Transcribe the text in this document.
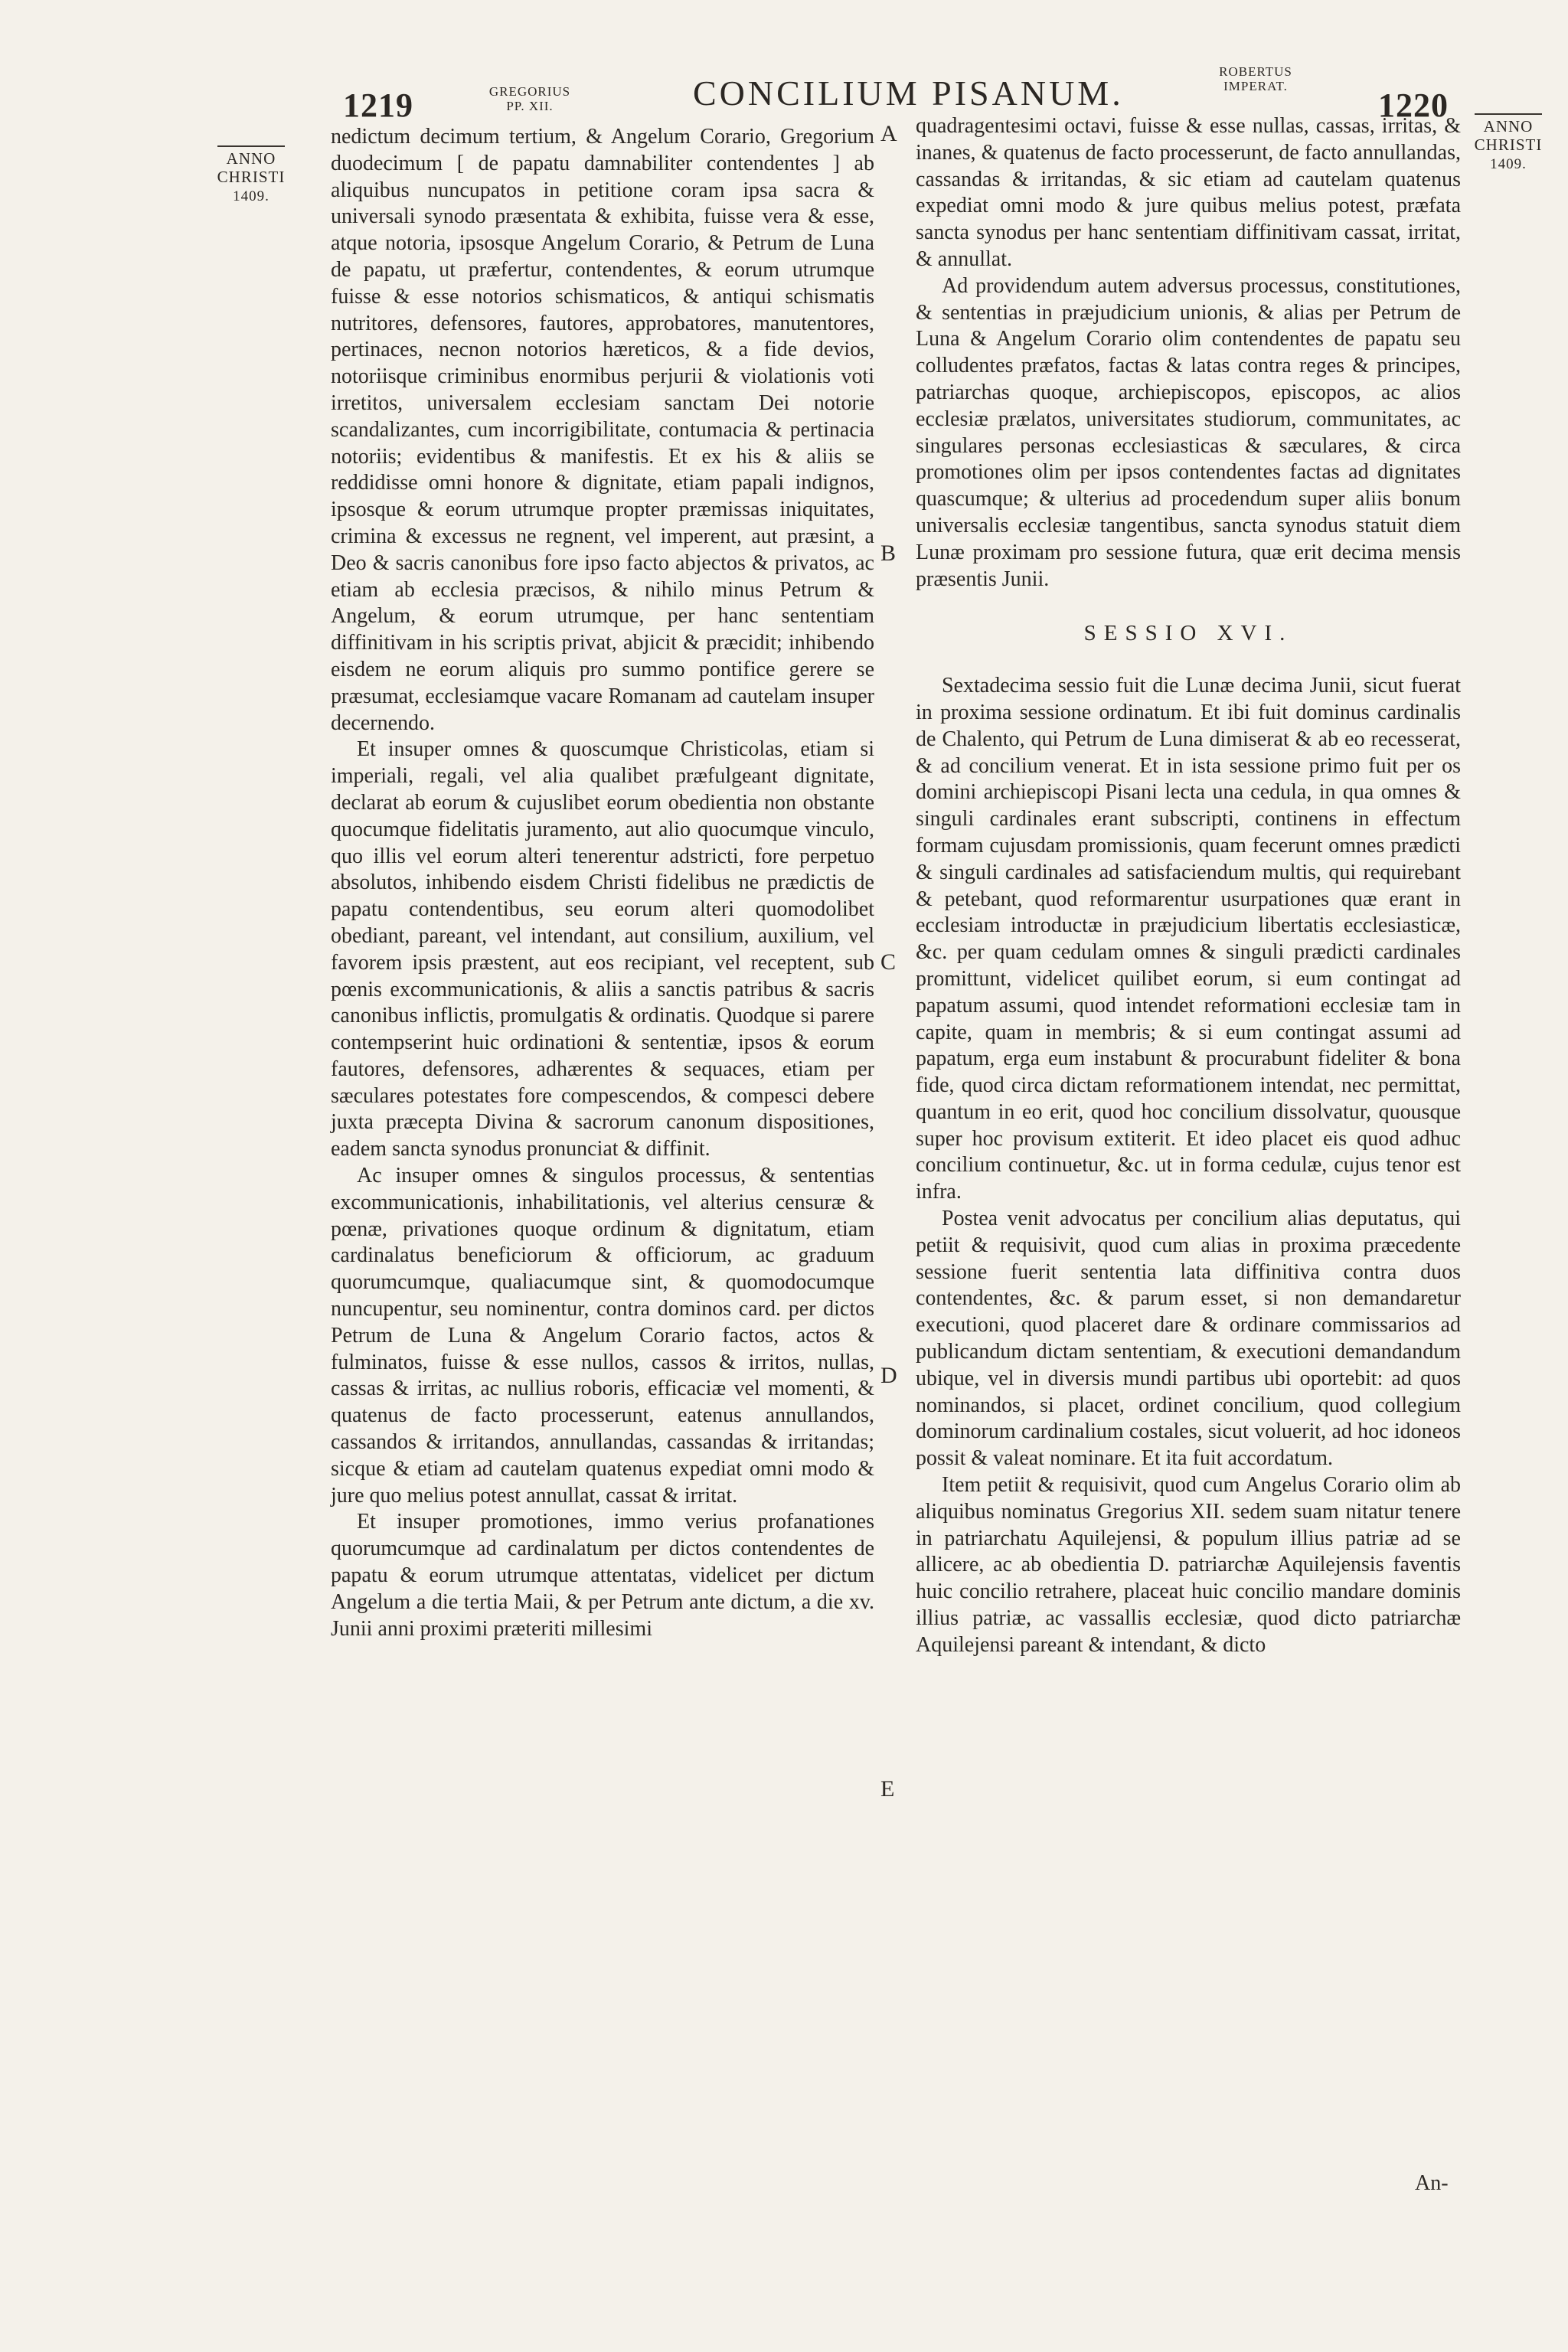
1219	GREGORIUS
PP. XII.	CONCILIUM PISANUM.
ROBERTUS
IMPERAT.
1220
ANNO
CHRISTI
1409.
ANNO
CHRISTI
1409.
A
B
C
D
E

nedictum decimum tertium, & Angelum Corario, Gregorium duodecimum [ de papatu damnabiliter contendentes ] ab aliquibus nuncupatos in petitione coram ipsa sacra & universali synodo præsentata & exhibita, fuisse vera & esse, atque notoria, ipsosque Angelum Corario, & Petrum de Luna de papatu, ut præfertur, contendentes, & eorum utrumque fuisse & esse notorios schismaticos, & antiqui schismatis nutritores, defensores, fautores, approbatores, manutentores, pertinaces, necnon notorios hæreticos, & a fide devios, notoriisque criminibus enormibus perjurii & violationis voti irretitos, universalem ecclesiam sanctam Dei notorie scandalizantes, cum incorrigibilitate, contumacia & pertinacia notoriis; evidentibus & manifestis. Et ex his & aliis se reddidisse omni honore & dignitate, etiam papali indignos, ipsosque & eorum utrumque propter præmissas iniquitates, crimina & excessus ne regnent, vel imperent, aut præsint, a Deo & sacris canonibus fore ipso facto abjectos & privatos, ac etiam ab ecclesia præcisos, & nihilo minus Petrum & Angelum, & eorum utrumque, per hanc sententiam diffinitivam in his scriptis privat, abjicit & præcidit; inhibendo eisdem ne eorum aliquis pro summo pontifice gerere se præsumat, ecclesiamque vacare Romanam ad cautelam insuper decernendo.

Et insuper omnes & quoscumque Christicolas, etiam si imperiali, regali, vel alia qualibet præfulgeant dignitate, declarat ab eorum & cujuslibet eorum obedientia non obstante quocumque fidelitatis juramento, aut alio quocumque vinculo, quo illis vel eorum alteri tenerentur adstricti, fore perpetuo absolutos, inhibendo eisdem Christi fidelibus ne prædictis de papatu contendentibus, seu eorum alteri quomodolibet obediant, pareant, vel intendant, aut consilium, auxilium, vel favorem ipsis præstent, aut eos recipiant, vel receptent, sub pœnis excommunicationis, & aliis a sanctis patribus & sacris canonibus inflictis, promulgatis & ordinatis. Quodque si parere contempserint huic ordinationi & sententiæ, ipsos & eorum fautores, defensores, adhærentes & sequaces, etiam per sæculares potestates fore compescendos, & compesci debere juxta præcepta Divina & sacrorum canonum dispositiones, eadem sancta synodus pronunciat & diffinit.

Ac insuper omnes & singulos processus, & sententias excommunicationis, inhabilitationis, vel alterius censuræ & pœnæ, privationes quoque ordinum & dignitatum, etiam cardinalatus beneficiorum & officiorum, ac graduum quorumcumque, qualiacumque sint, & quomodocumque nuncupentur, seu nominentur, contra dominos card. per dictos Petrum de Luna & Angelum Corario factos, actos & fulminatos, fuisse & esse nullos, cassos & irritos, nullas, cassas & irritas, ac nullius roboris, efficaciæ vel momenti, & quatenus de facto processerunt, eatenus annullandos, cassandos & irritandos, annullandas, cassandas & irritandas; sicque & etiam ad cautelam quatenus expediat omni modo & jure quo melius potest annullat, cassat & irritat.

Et insuper promotiones, immo verius profanationes quorumcumque ad cardinalatum per dictos contendentes de papatu & eorum utrumque attentatas, videlicet per dictum Angelum a die tertia Maii, & per Petrum ante dictum, a die xv. Junii anni proximi præteriti millesimi

quadragentesimi octavi, fuisse & esse nullas, cassas, irritas, & inanes, & quatenus de facto processerunt, de facto annullandas, cassandas & irritandas, & sic etiam ad cautelam quatenus expediat omni modo & jure quibus melius potest, præfata sancta synodus per hanc sententiam diffinitivam cassat, irritat, & annullat.

Ad providendum autem adversus processus, constitutiones, & sententias in præjudicium unionis, & alias per Petrum de Luna & Angelum Corario olim contendentes de papatu seu colludentes præfatos, factas & latas contra reges & principes, patriarchas quoque, archiepiscopos, episcopos, ac alios ecclesiæ prælatos, universitates studiorum, communitates, ac singulares personas ecclesiasticas & sæculares, & circa promotiones olim per ipsos contendentes factas ad dignitates quascumque; & ulterius ad procedendum super aliis bonum universalis ecclesiæ tangentibus, sancta synodus statuit diem Lunæ proximam pro sessione futura, quæ erit decima mensis præsentis Junii.

SESSIO XVI.

Sextadecima sessio fuit die Lunæ decima Junii, sicut fuerat in proxima sessione ordinatum. Et ibi fuit dominus cardinalis de Chalento, qui Petrum de Luna dimiserat & ab eo recesserat, & ad concilium venerat. Et in ista sessione primo fuit per os domini archiepiscopi Pisani lecta una cedula, in qua omnes & singuli cardinales erant subscripti, continens in effectum formam cujusdam promissionis, quam fecerunt omnes prædicti & singuli cardinales ad satisfaciendum multis, qui requirebant & petebant, quod reformarentur usurpationes quæ erant in ecclesiam introductæ in præjudicium libertatis ecclesiasticæ, &c. per quam cedulam omnes & singuli prædicti cardinales promittunt, videlicet quilibet eorum, si eum contingat ad papatum assumi, quod intendet reformationi ecclesiæ tam in capite, quam in membris; & si eum contingat assumi ad papatum, erga eum instabunt & procurabunt fideliter & bona fide, quod circa dictam reformationem intendat, nec permittat, quantum in eo erit, quod hoc concilium dissolvatur, quousque super hoc provisum extiterit. Et ideo placet eis quod adhuc concilium continuetur, &c. ut in forma cedulæ, cujus tenor est infra.

Postea venit advocatus per concilium alias deputatus, qui petiit & requisivit, quod cum alias in proxima præcedente sessione fuerit sententia lata diffinitiva contra duos contendentes, &c. & parum esset, si non demandaretur executioni, quod placeret dare & ordinare commissarios ad publicandum dictam sententiam, & executioni demandandum ubique, vel in diversis mundi partibus ubi oportebit: ad quos nominandos, si placet, ordinet concilium, quod collegium dominorum cardinalium costales, sicut voluerit, ad hoc idoneos possit & valeat nominare. Et ita fuit accordatum.

Item petiit & requisivit, quod cum Angelus Corario olim ab aliquibus nominatus Gregorius XII. sedem suam nitatur tenere in patriarchatu Aquilejensi, & populum illius patriæ ad se allicere, ac ab obedientia D. patriarchæ Aquilejensis faventis huic concilio retrahere, placeat huic concilio mandare dominis illius patriæ, ac vassallis ecclesiæ, quod dicto patriarchæ Aquilejensi pareant & intendant, & dicto

An-
